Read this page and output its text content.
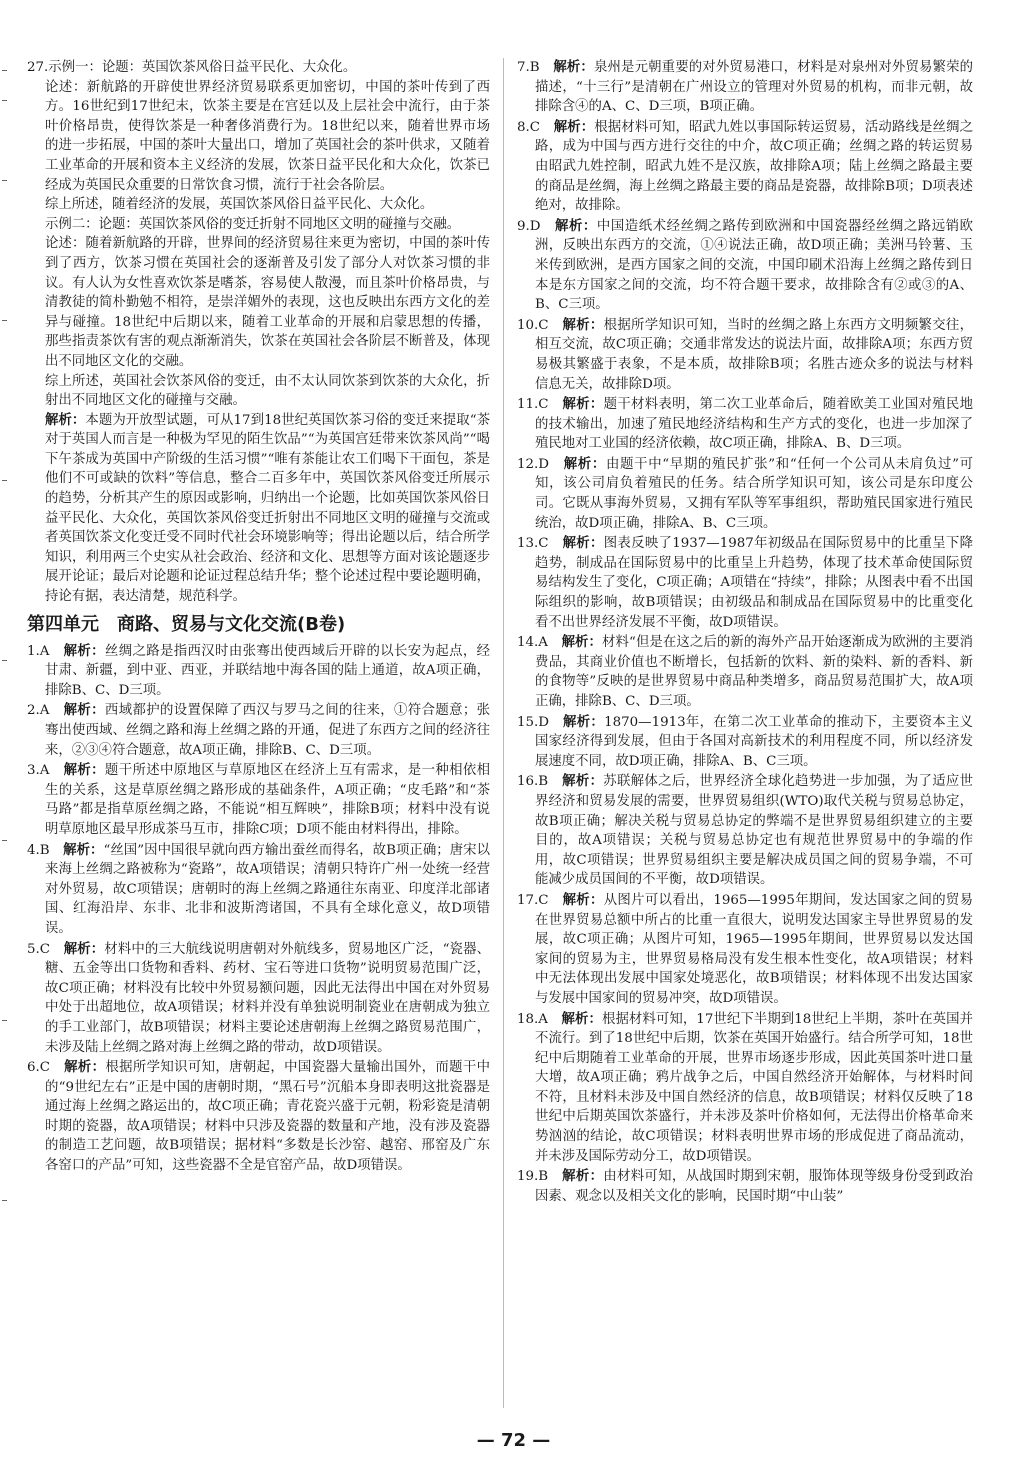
27.示例一：论题：英国饮茶风俗日益平民化、大众化。

论述：新航路的开辟使世界经济贸易联系更加密切，中国的茶叶传到了西方。16世纪到17世纪末，饮茶主要是在宫廷以及上层社会中流行，由于茶叶价格昂贵，使得饮茶是一种奢侈消费行为。18世纪以来，随着世界市场的进一步拓展，中国的茶叶大量出口，增加了英国社会的茶叶供求，又随着工业革命的开展和资本主义经济的发展，饮茶日益平民化和大众化，饮茶已经成为英国民众重要的日常饮食习惯，流行于社会各阶层。

综上所述，随着经济的发展，英国饮茶风俗日益平民化、大众化。

示例二：论题：英国饮茶风俗的变迁折射不同地区文明的碰撞与交融。

论述：随着新航路的开辟，世界间的经济贸易往来更为密切，中国的茶叶传到了西方，饮茶习惯在英国社会的逐渐普及引发了部分人对饮茶习惯的非议。有人认为女性喜欢饮茶是嗜茶，容易使人散漫，而且茶叶价格昂贵，与清教徒的简朴勤勉不相符，是崇洋媚外的表现，这也反映出东西方文化的差异与碰撞。18世纪中后期以来，随着工业革命的开展和启蒙思想的传播，那些指责茶饮有害的观点渐渐消失，饮茶在英国社会各阶层不断普及，体现出不同地区文化的交融。

综上所述，英国社会饮茶风俗的变迁，由不太认同饮茶到饮茶的大众化，折射出不同地区文化的碰撞与交融。

解析：本题为开放型试题，可从17到18世纪英国饮茶习俗的变迁来提取“茶对于英国人而言是一种极为罕见的陌生饮品”“为英国宫廷带来饮茶风尚”“喝下午茶成为英国中产阶级的生活习惯”“唯有茶能让农工们喝下干面包，茶是他们不可或缺的饮料”等信息，整合二百多年中，英国饮茶风俗变迁所展示的趋势，分析其产生的原因或影响，归纳出一个论题，比如英国饮茶风俗日益平民化、大众化，英国饮茶风俗变迁折射出不同地区文明的碰撞与交流或者英国饮茶文化变迁受不同时代社会环境影响等；得出论题以后，结合所学知识，利用两三个史实从社会政治、经济和文化、思想等方面对该论题逐步展开论证；最后对论题和论证过程总结升华；整个论述过程中要论题明确，持论有据，表达清楚，规范科学。

第四单元　商路、贸易与文化交流(B卷)
1.A　 解析：丝绸之路是指西汉时由张骞出使西域后开辟的以长安为起点，经甘肃、新疆，到中亚、西亚，并联结地中海各国的陆上通道，故A项正确，排除B、C、D三项。
2.A　 解析：西域都护的设置保障了西汉与罗马之间的往来，①符合题意；张骞出使西域、丝绸之路和海上丝绸之路的开通，促进了东西方之间的经济往来，②③④符合题意，故A项正确，排除B、C、D三项。
3.A　 解析：题干所述中原地区与草原地区在经济上互有需求，是一种相依相生的关系，这是草原丝绸之路形成的基础条件，A项正确；“皮毛路”和“茶马路”都是指草原丝绸之路，不能说“相互辉映”，排除B项；材料中没有说明草原地区最早形成茶马互市，排除C项；D项不能由材料得出，排除。
4.B　 解析：“丝国”因中国很早就向西方输出蚕丝而得名，故B项正确；唐宋以来海上丝绸之路被称为“瓷路”，故A项错误；清朝只特许广州一处统一经营对外贸易，故C项错误；唐朝时的海上丝绸之路通往东南亚、印度洋北部诸国、红海沿岸、东非、北非和波斯湾诸国，不具有全球化意义，故D项错误。
5.C　 解析：材料中的三大航线说明唐朝对外航线多，贸易地区广泛，“瓷器、糖、五金等出口货物和香料、药材、宝石等进口货物”说明贸易范围广泛，故C项正确；材料没有比较中外贸易额问题，因此无法得出中国在对外贸易中处于出超地位，故A项错误；材料并没有单独说明制瓷业在唐朝成为独立的手工业部门，故B项错误；材料主要论述唐朝海上丝绸之路贸易范围广，未涉及陆上丝绸之路对海上丝绸之路的带动，故D项错误。
6.C　 解析：根据所学知识可知，唐朝起，中国瓷器大量输出国外，而题干中的“9世纪左右”正是中国的唐朝时期，“黑石号”沉船本身即表明这批瓷器是通过海上丝绸之路运出的，故C项正确；青花瓷兴盛于元朝，粉彩瓷是清朝时期的瓷器，故A项错误；材料中只涉及瓷器的数量和产地，没有涉及瓷器的制造工艺问题，故B项错误；据材料“多数是长沙窑、越窑、邢窑及广东各窑口的产品”可知，这些瓷器不全是官窑产品，故D项错误。
7.B　 解析：泉州是元朝重要的对外贸易港口，材料是对泉州对外贸易繁荣的描述，“十三行”是清朝在广州设立的管理对外贸易的机构，而非元朝，故排除含④的A、C、D三项，B项正确。
8.C　 解析：根据材料可知，昭武九姓以事国际转运贸易，活动路线是丝绸之路，成为中国与西方进行交往的中介，故C项正确；丝绸之路的转运贸易由昭武九姓控制，昭武九姓不是汉族，故排除A项；陆上丝绸之路最主要的商品是丝绸，海上丝绸之路最主要的商品是瓷器，故排除B项；D项表述绝对，故排除。
9.D　 解析：中国造纸术经丝绸之路传到欧洲和中国瓷器经丝绸之路远销欧洲，反映出东西方的交流，①④说法正确，故D项正确；美洲马铃薯、玉米传到欧洲，是西方国家之间的交流，中国印刷术沿海上丝绸之路传到日本是东方国家之间的交流，均不符合题干要求，故排除含有②或③的A、B、C三项。
10.C　 解析：根据所学知识可知，当时的丝绸之路上东西方文明频繁交往，相互交流，故C项正确；交通非常发达的说法片面，故排除A项；东西方贸易极其繁盛于表象，不是本质，故排除B项；名胜古迹众多的说法与材料信息无关，故排除D项。
11.C　 解析：题干材料表明，第二次工业革命后，随着欧美工业国对殖民地的技术输出，加速了殖民地经济结构和生产方式的变化，也进一步加深了殖民地对工业国的经济依赖，故C项正确，排除A、B、D三项。
12.D　 解析：由题干中“早期的殖民扩张”和“任何一个公司从未肩负过”可知，该公司肩负着殖民的任务。结合所学知识可知，该公司是东印度公司。它既从事海外贸易，又拥有军队等军事组织，帮助殖民国家进行殖民统治，故D项正确，排除A、B、C三项。
13.C　 解析：图表反映了1937—1987年初级品在国际贸易中的比重呈下降趋势，制成品在国际贸易中的比重呈上升趋势，体现了技术革命使国际贸易结构发生了变化，C项正确；A项错在“持续”，排除；从图表中看不出国际组织的影响，故B项错误；由初级品和制成品在国际贸易中的比重变化看不出世界经济发展不平衡，故D项错误。
14.A　 解析：材料“但是在这之后的新的海外产品开始逐渐成为欧洲的主要消费品，其商业价值也不断增长，包括新的饮料、新的染料、新的香料、新的食物等”反映的是世界贸易中商品种类增多，商品贸易范围扩大，故A项正确，排除B、C、D三项。
15.D　 解析：1870—1913年，在第二次工业革命的推动下，主要资本主义国家经济得到发展，但由于各国对高新技术的利用程度不同，所以经济发展速度不同，故D项正确，排除A、B、C三项。
16.B　 解析：苏联解体之后，世界经济全球化趋势进一步加强，为了适应世界经济和贸易发展的需要，世界贸易组织(WTO)取代关税与贸易总协定，故B项正确；解决关税与贸易总协定的弊端不是世界贸易组织建立的主要目的，故A项错误；关税与贸易总协定也有规范世界贸易中的争端的作用，故C项错误；世界贸易组织主要是解决成员国之间的贸易争端，不可能减少成员国间的不平衡，故D项错误。
17.C　 解析：从图片可以看出，1965—1995年期间，发达国家之间的贸易在世界贸易总额中所占的比重一直很大，说明发达国家主导世界贸易的发展，故C项正确；从图片可知，1965—1995年期间，世界贸易以发达国家间的贸易为主，世界贸易格局没有发生根本性变化，故A项错误；材料中无法体现出发展中国家处境恶化，故B项错误；材料体现不出发达国家与发展中国家间的贸易冲突，故D项错误。
18.A　 解析：根据材料可知，17世纪下半期到18世纪上半期，茶叶在英国并不流行。到了18世纪中后期，饮茶在英国开始盛行。结合所学可知，18世纪中后期随着工业革命的开展，世界市场逐步形成，因此英国茶叶进口量大增，故A项正确；鸦片战争之后，中国自然经济开始解体，与材料时间不符，且材料未涉及中国自然经济的信息，故B项错误；材料仅反映了18世纪中后期英国饮茶盛行，并未涉及茶叶价格如何，无法得出价格革命来势汹汹的结论，故C项错误；材料表明世界市场的形成促进了商品流动，并未涉及国际劳动分工，故D项错误。
19.B　 解析：由材料可知，从战国时期到宋朝，服饰体现等级身份受到政治因素、观念以及相关文化的影响，民国时期“中山装”
— 72 —
